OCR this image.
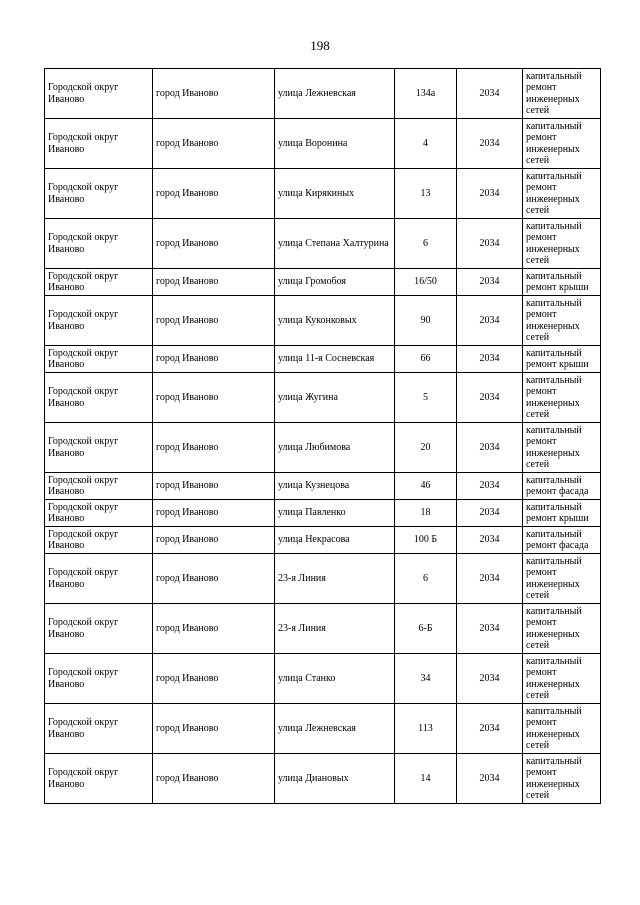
198
Городской округ Иваново	город Иваново	улица Лежневская	134а	2034	капитальный ремонт инженерных сетей
Городской округ Иваново	город Иваново	улица Воронина	4	2034	капитальный ремонт инженерных сетей
Городской округ Иваново	город Иваново	улица Кирякиных	13	2034	капитальный ремонт инженерных сетей
Городской округ Иваново	город Иваново	улица Степана Халтурина	6	2034	капитальный ремонт инженерных сетей
Городской округ Иваново	город Иваново	улица Громобоя	16/50	2034	капитальный ремонт крыши
Городской округ Иваново	город Иваново	улица Куконковых	90	2034	капитальный ремонт инженерных сетей
Городской округ Иваново	город Иваново	улица 11-я Сосневская	66	2034	капитальный ремонт крыши
Городской округ Иваново	город Иваново	улица Жугина	5	2034	капитальный ремонт инженерных сетей
Городской округ Иваново	город Иваново	улица Любимова	20	2034	капитальный ремонт инженерных сетей
Городской округ Иваново	город Иваново	улица Кузнецова	46	2034	капитальный ремонт фасада
Городской округ Иваново	город Иваново	улица Павленко	18	2034	капитальный ремонт крыши
Городской округ Иваново	город Иваново	улица Некрасова	100 Б	2034	капитальный ремонт фасада
Городской округ Иваново	город Иваново	23-я Линия	6	2034	капитальный ремонт инженерных сетей
Городской округ Иваново	город Иваново	23-я Линия	6-Б	2034	капитальный ремонт инженерных сетей
Городской округ Иваново	город Иваново	улица Станко	34	2034	капитальный ремонт инженерных сетей
Городской округ Иваново	город Иваново	улица Лежневская	113	2034	капитальный ремонт инженерных сетей
Городской округ Иваново	город Иваново	улица Диановых	14	2034	капитальный ремонт инженерных сетей
